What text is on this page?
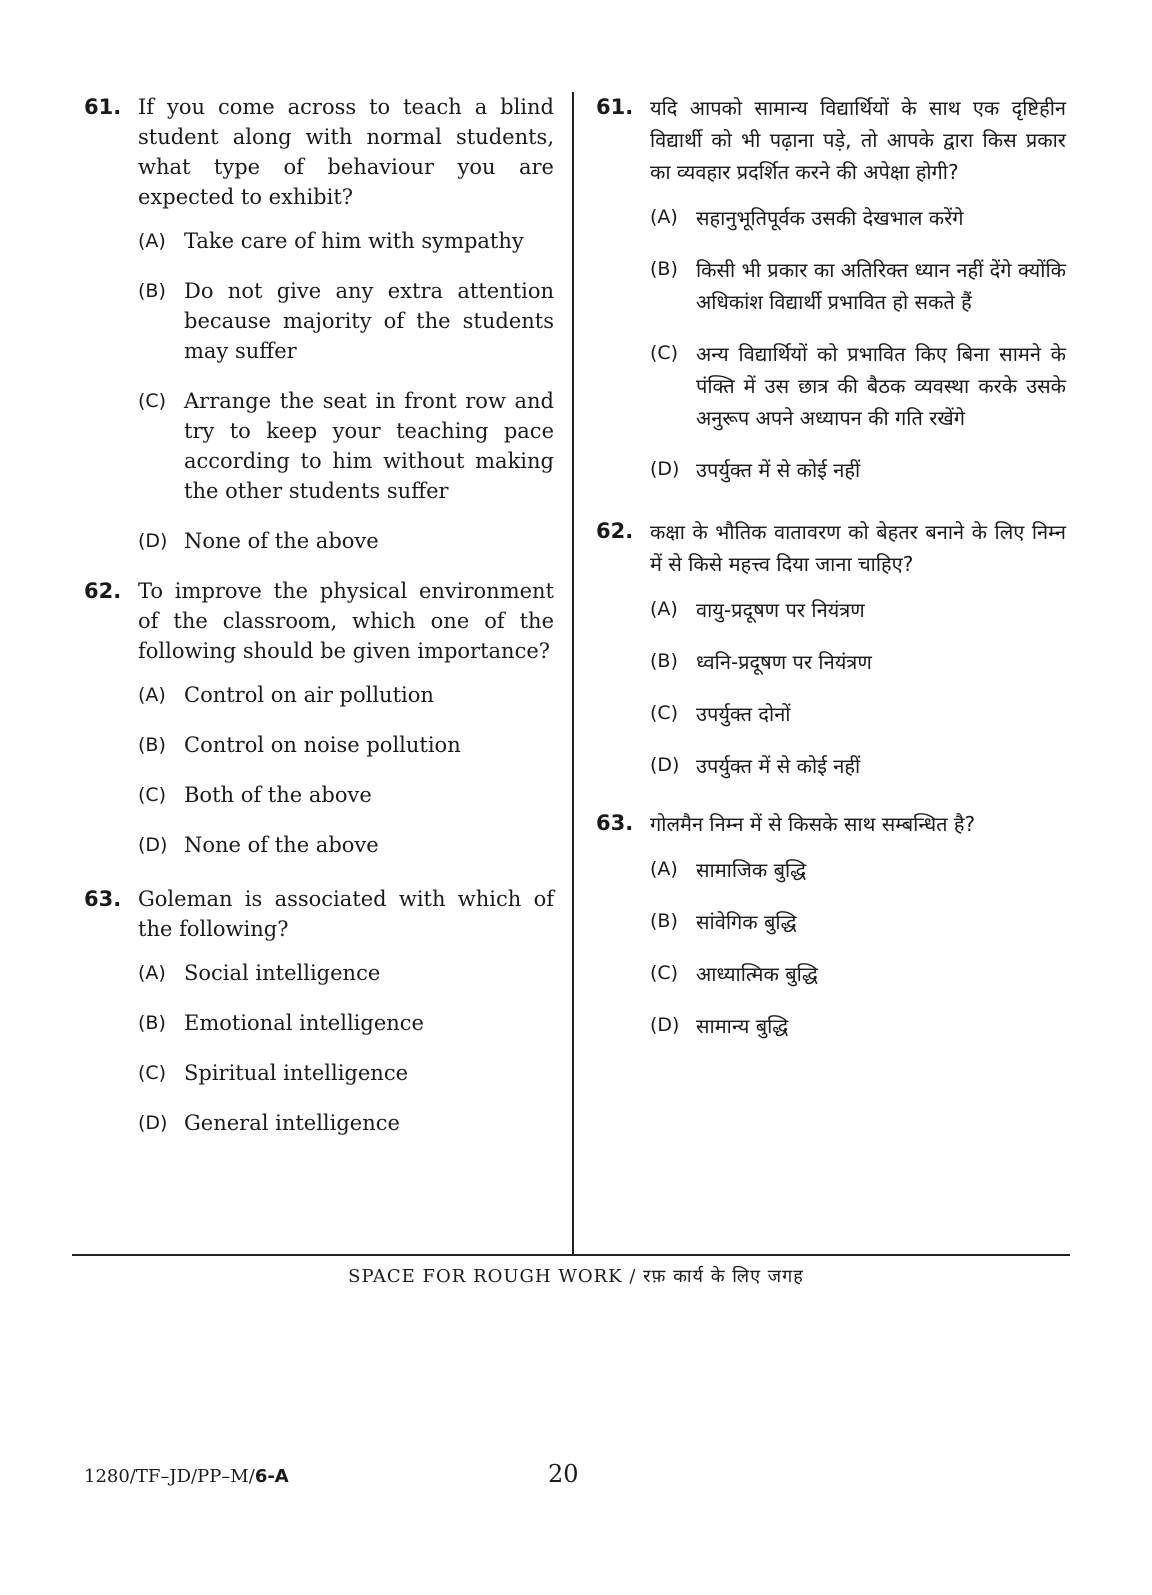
61. If you come across to teach a blind student along with normal students, what type of behaviour you are expected to exhibit?
(A) Take care of him with sympathy
(B) Do not give any extra attention because majority of the students may suffer
(C) Arrange the seat in front row and try to keep your teaching pace according to him without making the other students suffer
(D) None of the above
62. To improve the physical environment of the classroom, which one of the following should be given importance?
(A) Control on air pollution
(B) Control on noise pollution
(C) Both of the above
(D) None of the above
63. Goleman is associated with which of the following?
(A) Social intelligence
(B) Emotional intelligence
(C) Spiritual intelligence
(D) General intelligence
61. यदि आपको सामान्य विद्यार्थियों के साथ एक दृष्टिहीन विद्यार्थी को भी पढ़ाना पड़े, तो आपके द्वारा किस प्रकार का व्यवहार प्रदर्शित करने की अपेक्षा होगी?
(A) सहानुभूतिपूर्वक उसकी देखभाल करेंगे
(B) किसी भी प्रकार का अतिरिक्त ध्यान नहीं देंगे क्योंकि अधिकांश विद्यार्थी प्रभावित हो सकते हैं
(C) अन्य विद्यार्थियों को प्रभावित किए बिना सामने के पंक्ति में उस छात्र की बैठक व्यवस्था करके उसके अनुरूप अपने अध्यापन की गति रखेंगे
(D) उपर्युक्त में से कोई नहीं
62. कक्षा के भौतिक वातावरण को बेहतर बनाने के लिए निम्न में से किसे महत्त्व दिया जाना चाहिए?
(A) वायु-प्रदूषण पर नियंत्रण
(B) ध्वनि-प्रदूषण पर नियंत्रण
(C) उपर्युक्त दोनों
(D) उपर्युक्त में से कोई नहीं
63. गोलमैन निम्न में से किसके साथ सम्बन्धित है?
(A) सामाजिक बुद्धि
(B) सांवेगिक बुद्धि
(C) आध्यात्मिक बुद्धि
(D) सामान्य बुद्धि
SPACE FOR ROUGH WORK / रफ़ कार्य के लिए जगह
1280/TF–JD/PP–M/6-A	20
